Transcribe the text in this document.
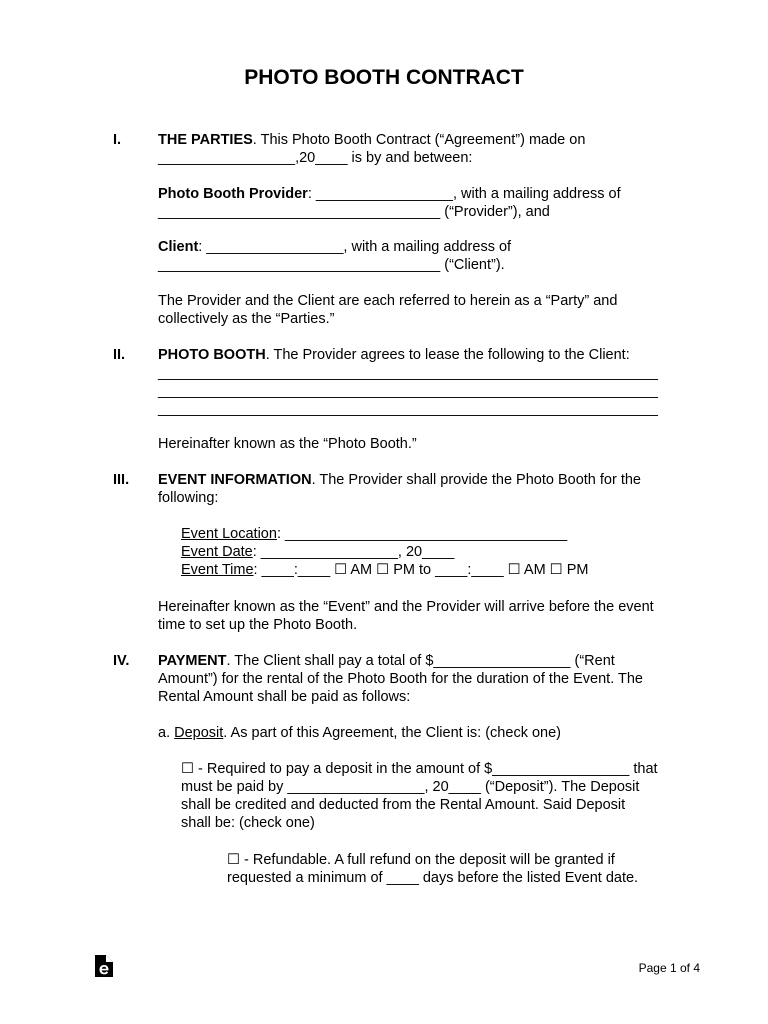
PHOTO BOOTH CONTRACT
I.	THE PARTIES. This Photo Booth Contract (“Agreement”) made on

_________________,20____ is by and between:

Photo Booth Provider: _________________, with a mailing address of

___________________________________ (“Provider”), and

Client: _________________, with a mailing address of

___________________________________ (“Client”).

The Provider and the Client are each referred to herein as a “Party” and

collectively as the “Parties.”

II. PHOTO BOOTH. The Provider agrees to lease the following to the Client:

______________________________________________________________

______________________________________________________________

______________________________________________________________

Hereinafter known as the “Photo Booth.”

III. EVENT INFORMATION. The Provider shall provide the Photo Booth for the

following:

Event Location: ___________________________________

Event Date: _________________, 20____

Event Time: ____:____ ☐ AM ☐ PM to ____:____ ☐ AM ☐ PM

Hereinafter known as the “Event” and the Provider will arrive before the event

time to set up the Photo Booth.

IV. PAYMENT. The Client shall pay a total of $_________________ (“Rent

Amount”) for the rental of the Photo Booth for the duration of the Event. The

Rental Amount shall be paid as follows:

a. Deposit. As part of this Agreement, the Client is: (check one)

☐ - Required to pay a deposit in the amount of $_________________ that

must be paid by _________________, 20____ (“Deposit”). The Deposit

shall be credited and deducted from the Rental Amount. Said Deposit

shall be: (check one)

☐ - Refundable. A full refund on the deposit will be granted if

requested a minimum of ____ days before the listed Event date.

Page 1 of 4
